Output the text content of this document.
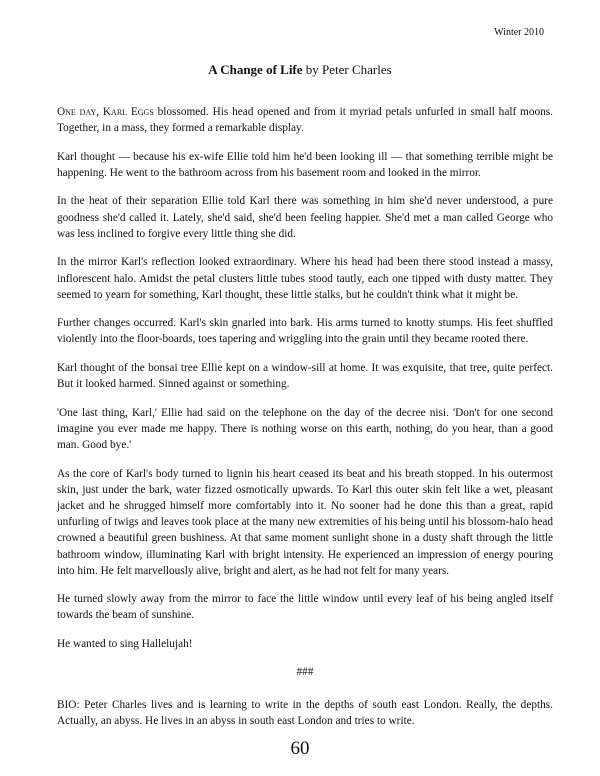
Winter 2010
A Change of Life by Peter Charles

One day, Karl Eggs blossomed. His head opened and from it myriad petals unfurled in small half moons. Together, in a mass, they formed a remarkable display.

Karl thought — because his ex-wife Ellie told him he'd been looking ill — that something terrible might be happening. He went to the bathroom across from his basement room and looked in the mirror.

In the heat of their separation Ellie told Karl there was something in him she'd never understood, a pure goodness she'd called it. Lately, she'd said, she'd been feeling happier. She'd met a man called George who was less inclined to forgive every little thing she did.

In the mirror Karl's reflection looked extraordinary. Where his head had been there stood instead a massy, inflorescent halo. Amidst the petal clusters little tubes stood tautly, each one tipped with dusty matter. They seemed to yearn for something, Karl thought, these little stalks, but he couldn't think what it might be.

Further changes occurred. Karl's skin gnarled into bark. His arms turned to knotty stumps. His feet shuffled violently into the floor-boards, toes tapering and wriggling into the grain until they became rooted there.

Karl thought of the bonsai tree Ellie kept on a window-sill at home. It was exquisite, that tree, quite perfect. But it looked harmed. Sinned against or something.

'One last thing, Karl,' Ellie had said on the telephone on the day of the decree nisi. 'Don't for one second imagine you ever made me happy. There is nothing worse on this earth, nothing, do you hear, than a good man. Good bye.'

As the core of Karl's body turned to lignin his heart ceased its beat and his breath stopped. In his outermost skin, just under the bark, water fizzed osmotically upwards. To Karl this outer skin felt like a wet, pleasant jacket and he shrugged himself more comfortably into it. No sooner had he done this than a great, rapid unfurling of twigs and leaves took place at the many new extremities of his being until his blossom-halo head crowned a beautiful green bushiness. At that same moment sunlight shone in a dusty shaft through the little bathroom window, illuminating Karl with bright intensity. He experienced an impression of energy pouring into him. He felt marvellously alive, bright and alert, as he had not felt for many years.

He turned slowly away from the mirror to face the little window until every leaf of his being angled itself towards the beam of sunshine.

He wanted to sing Hallelujah!

###

BIO: Peter Charles lives and is learning to write in the depths of south east London. Really, the depths. Actually, an abyss. He lives in an abyss in south east London and tries to write.

60
